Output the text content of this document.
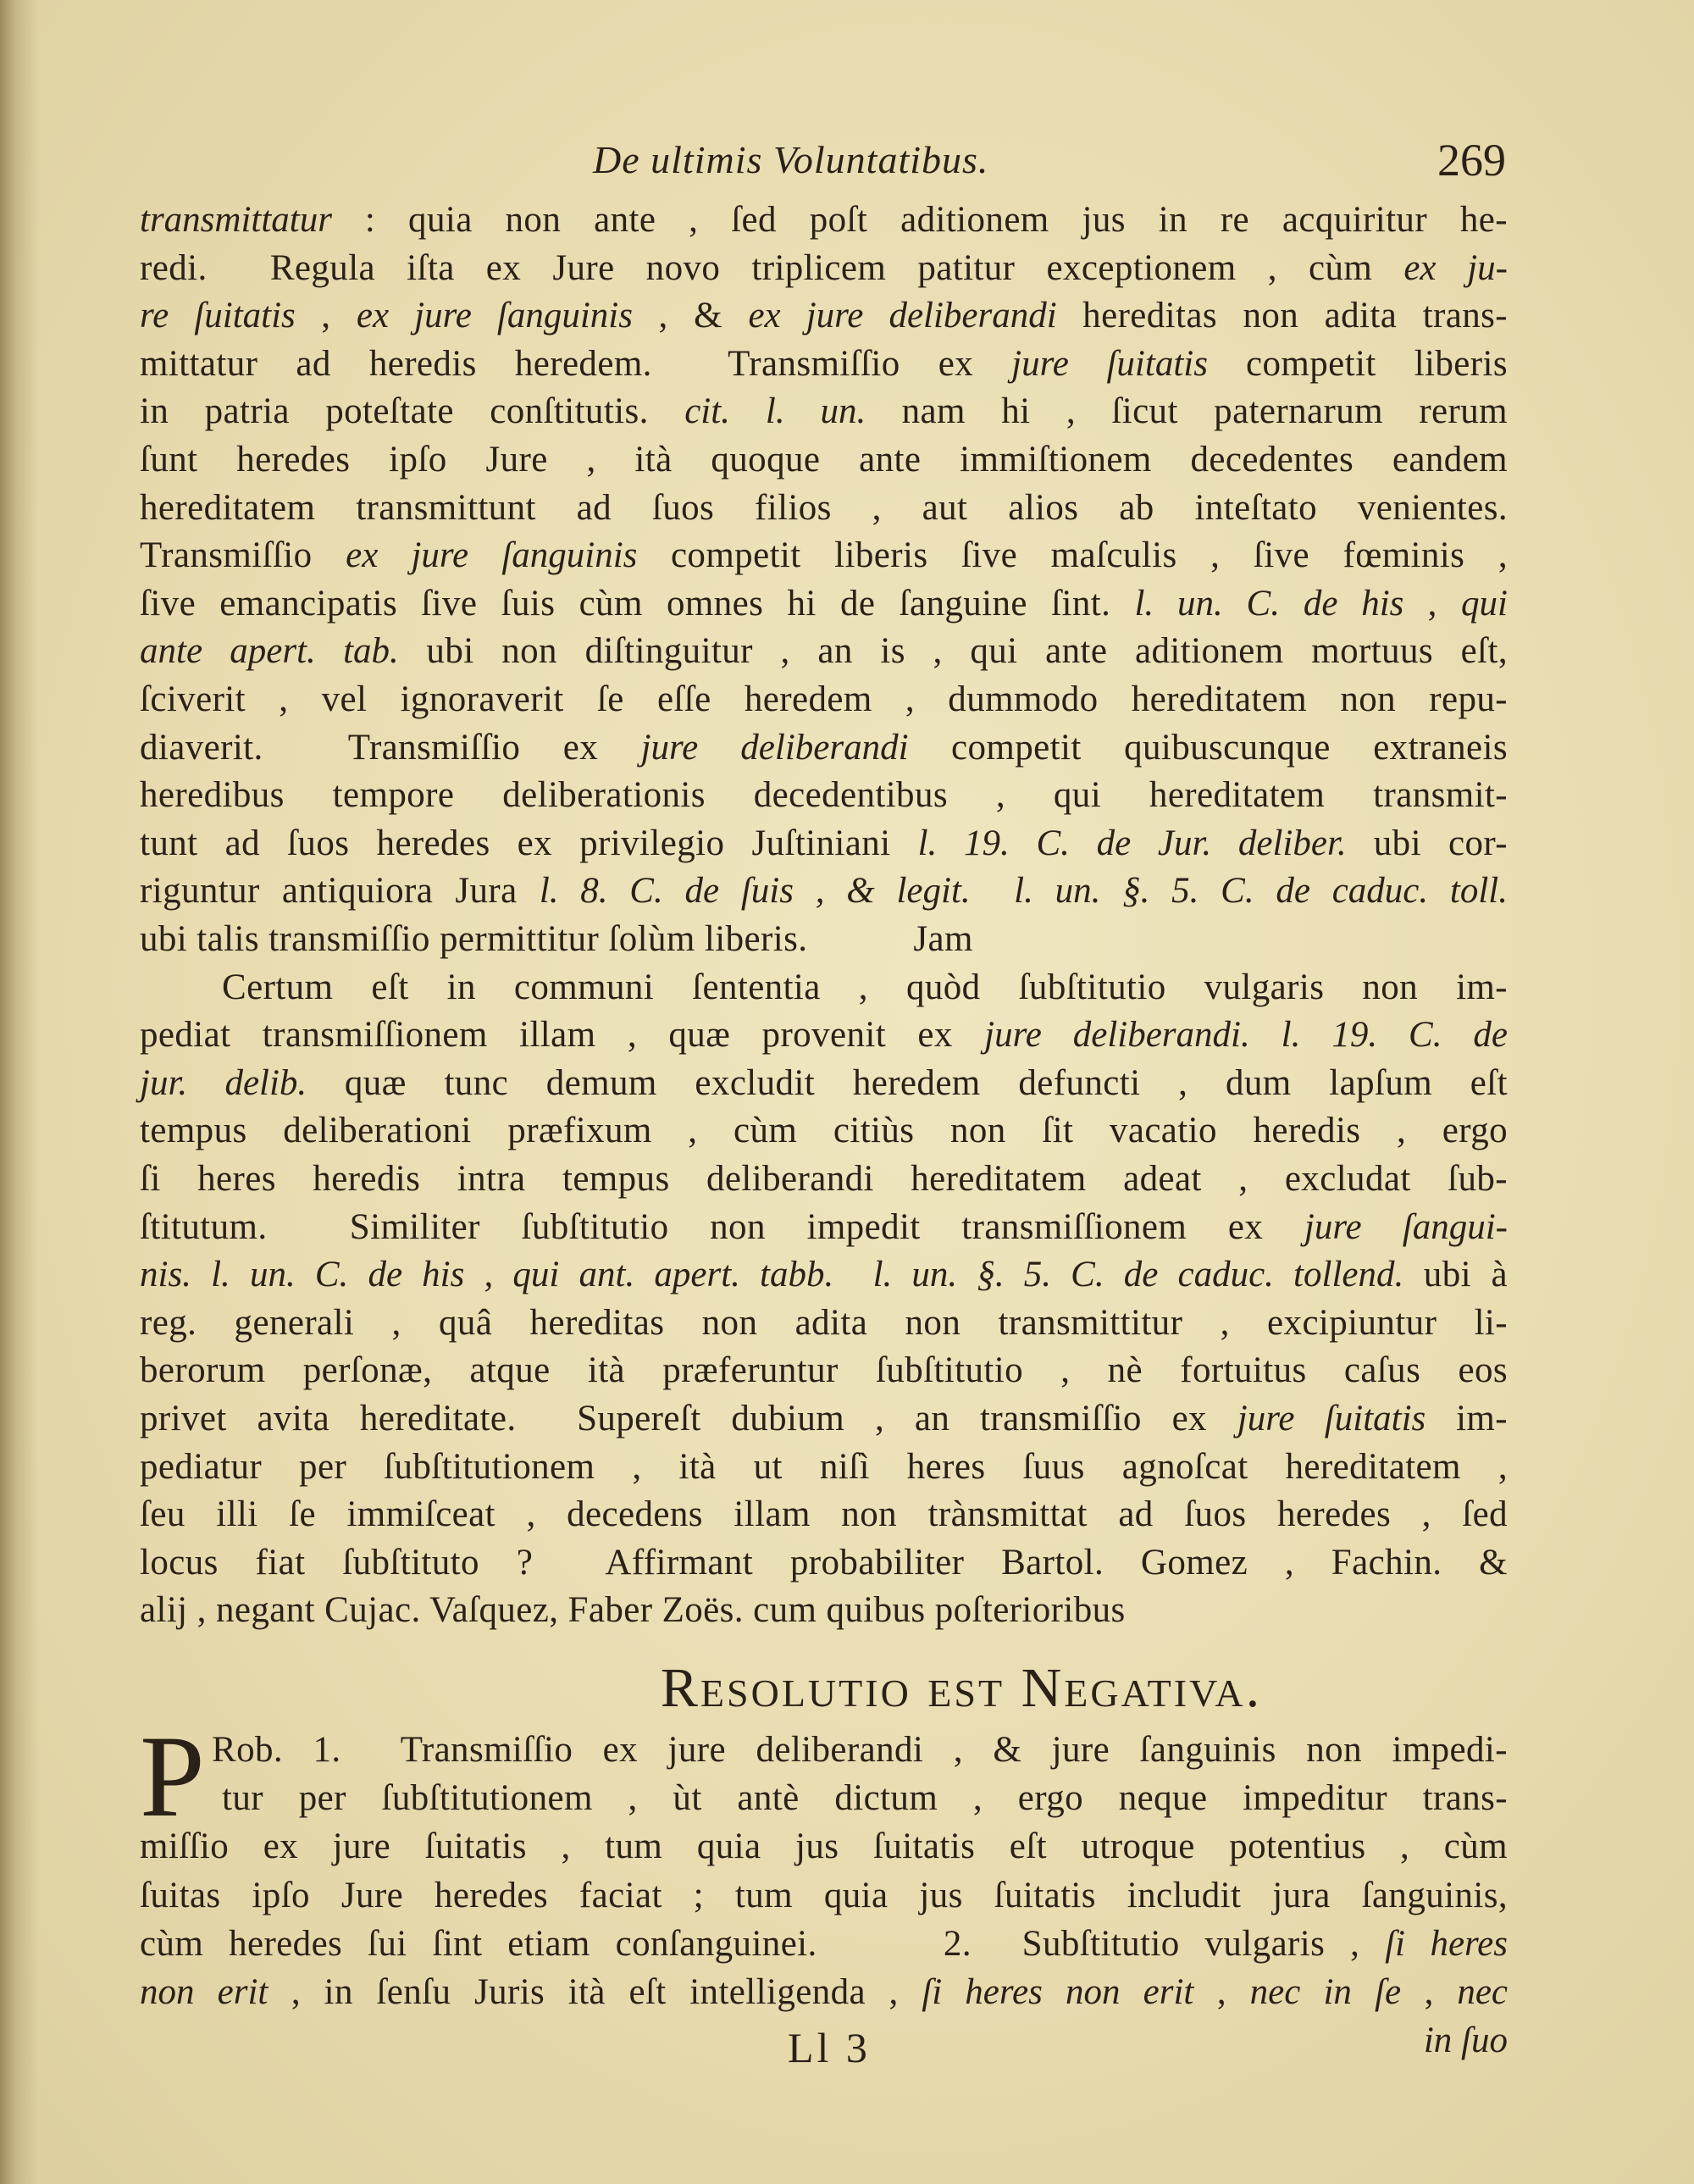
De ultimis Voluntatibus.	269
transmittatur : quia non ante , ſed poſt aditionem jus in re acquiritur he-
redi.  Regula iſta ex Jure novo triplicem patitur exceptionem , cùm ex ju-
re ſuitatis , ex jure ſanguinis , & ex jure deliberandi hereditas non adita trans-
mittatur ad heredis heredem.  Transmiſſio ex jure ſuitatis competit liberis
in patria poteſtate conſtitutis. cit. l. un. nam hi , ſicut paternarum rerum
ſunt heredes ipſo Jure , ità quoque ante immiſtionem decedentes eandem
hereditatem transmittunt ad ſuos filios , aut alios ab inteſtato venientes.
Transmiſſio ex jure ſanguinis competit liberis ſive maſculis , ſive fœminis ,
ſive emancipatis ſive ſuis cùm omnes hi de ſanguine ſint. l. un. C. de his , qui
ante apert. tab. ubi non diſtinguitur , an is , qui ante aditionem mortuus eſt,
ſciverit , vel ignoraverit ſe eſſe heredem , dummodo hereditatem non repu-
diaverit.  Transmiſſio ex jure deliberandi competit quibuscunque extraneis
heredibus tempore deliberationis decedentibus , qui hereditatem transmit-
tunt ad ſuos heredes ex privilegio Juſtiniani l. 19. C. de Jur. deliber. ubi cor-
riguntur antiquiora Jura l. 8. C. de ſuis , & legit.  l. un. §. 5. C. de caduc. toll.
ubi talis transmiſſio permittitur ſolùm liberis.	Jam
Certum eſt in communi ſententia , quòd ſubſtitutio vulgaris non im-
pediat transmiſſionem illam , quæ provenit ex jure deliberandi. l. 19. C. de
jur. delib. quæ tunc demum excludit heredem defuncti , dum lapſum eſt
tempus deliberationi præfixum , cùm citiùs non ſit vacatio heredis , ergo
ſi heres heredis intra tempus deliberandi hereditatem adeat , excludat ſub-
ſtitutum.  Similiter ſubſtitutio non impedit transmiſſionem ex jure ſangui-
nis. l. un. C. de his , qui ant. apert. tabb.  l. un. §. 5. C. de caduc. tollend. ubi à
reg. generali , quâ hereditas non adita non transmittitur , excipiuntur li-
berorum perſonæ, atque ità præferuntur ſubſtitutio , nè fortuitus caſus eos
privet avita hereditate.  Supereſt dubium , an transmiſſio ex jure ſuitatis im-
pediatur per ſubſtitutionem , ità ut niſì heres ſuus agnoſcat hereditatem ,
ſeu illi ſe immiſceat , decedens illam non trànsmittat ad ſuos heredes , ſed
locus fiat ſubſtituto ?  Affirmant probabiliter Bartol. Gomez , Fachin. &
alij , negant Cujac. Vaſquez, Faber Zoës. cum quibus poſterioribus
Resolutio est Negativa.
P Rob. 1.  Transmiſſio ex jure deliberandi , & jure ſanguinis non impedi-
tur per ſubſtitutionem , ùt antè dictum , ergo neque impeditur trans-
miſſio ex jure ſuitatis , tum quia jus ſuitatis eſt utroque potentius , cùm
ſuitas ipſo Jure heredes faciat ; tum quia jus ſuitatis includit jura ſanguinis,
cùm heredes ſui ſint etiam conſanguinei.     2.  Subſtitutio vulgaris , ſi heres
non erit , in ſenſu Juris ità eſt intelligenda , ſi heres non erit , nec in ſe , nec
Ll 3	in ſuo
